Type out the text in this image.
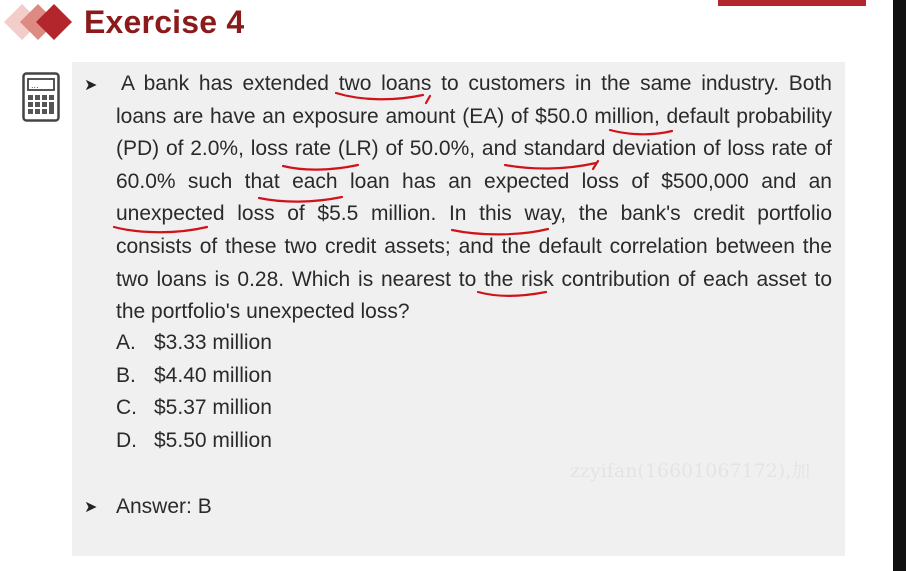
Exercise 4
...	➤ A bank has extended two loans to customers in the same industry. Both loans are have an exposure amount (EA) of $50.0 million, default probability (PD) of 2.0%, loss rate (LR) of 50.0%, and standard deviation of loss rate of 60.0% such that each loan has an expected loss of $500,000 and an unexpected loss of $5.5 million. In this way, the bank's credit portfolio consists of these two credit assets; and the default correlation between the two loans is 0.28. Which is nearest to the risk contribution of each asset to the portfolio's unexpected loss?

A. $3.33 million
B. $4.40 million
C. $5.37 million
D. $5.50 million
➤ Answer: B

zzyifan(16601067172),加
